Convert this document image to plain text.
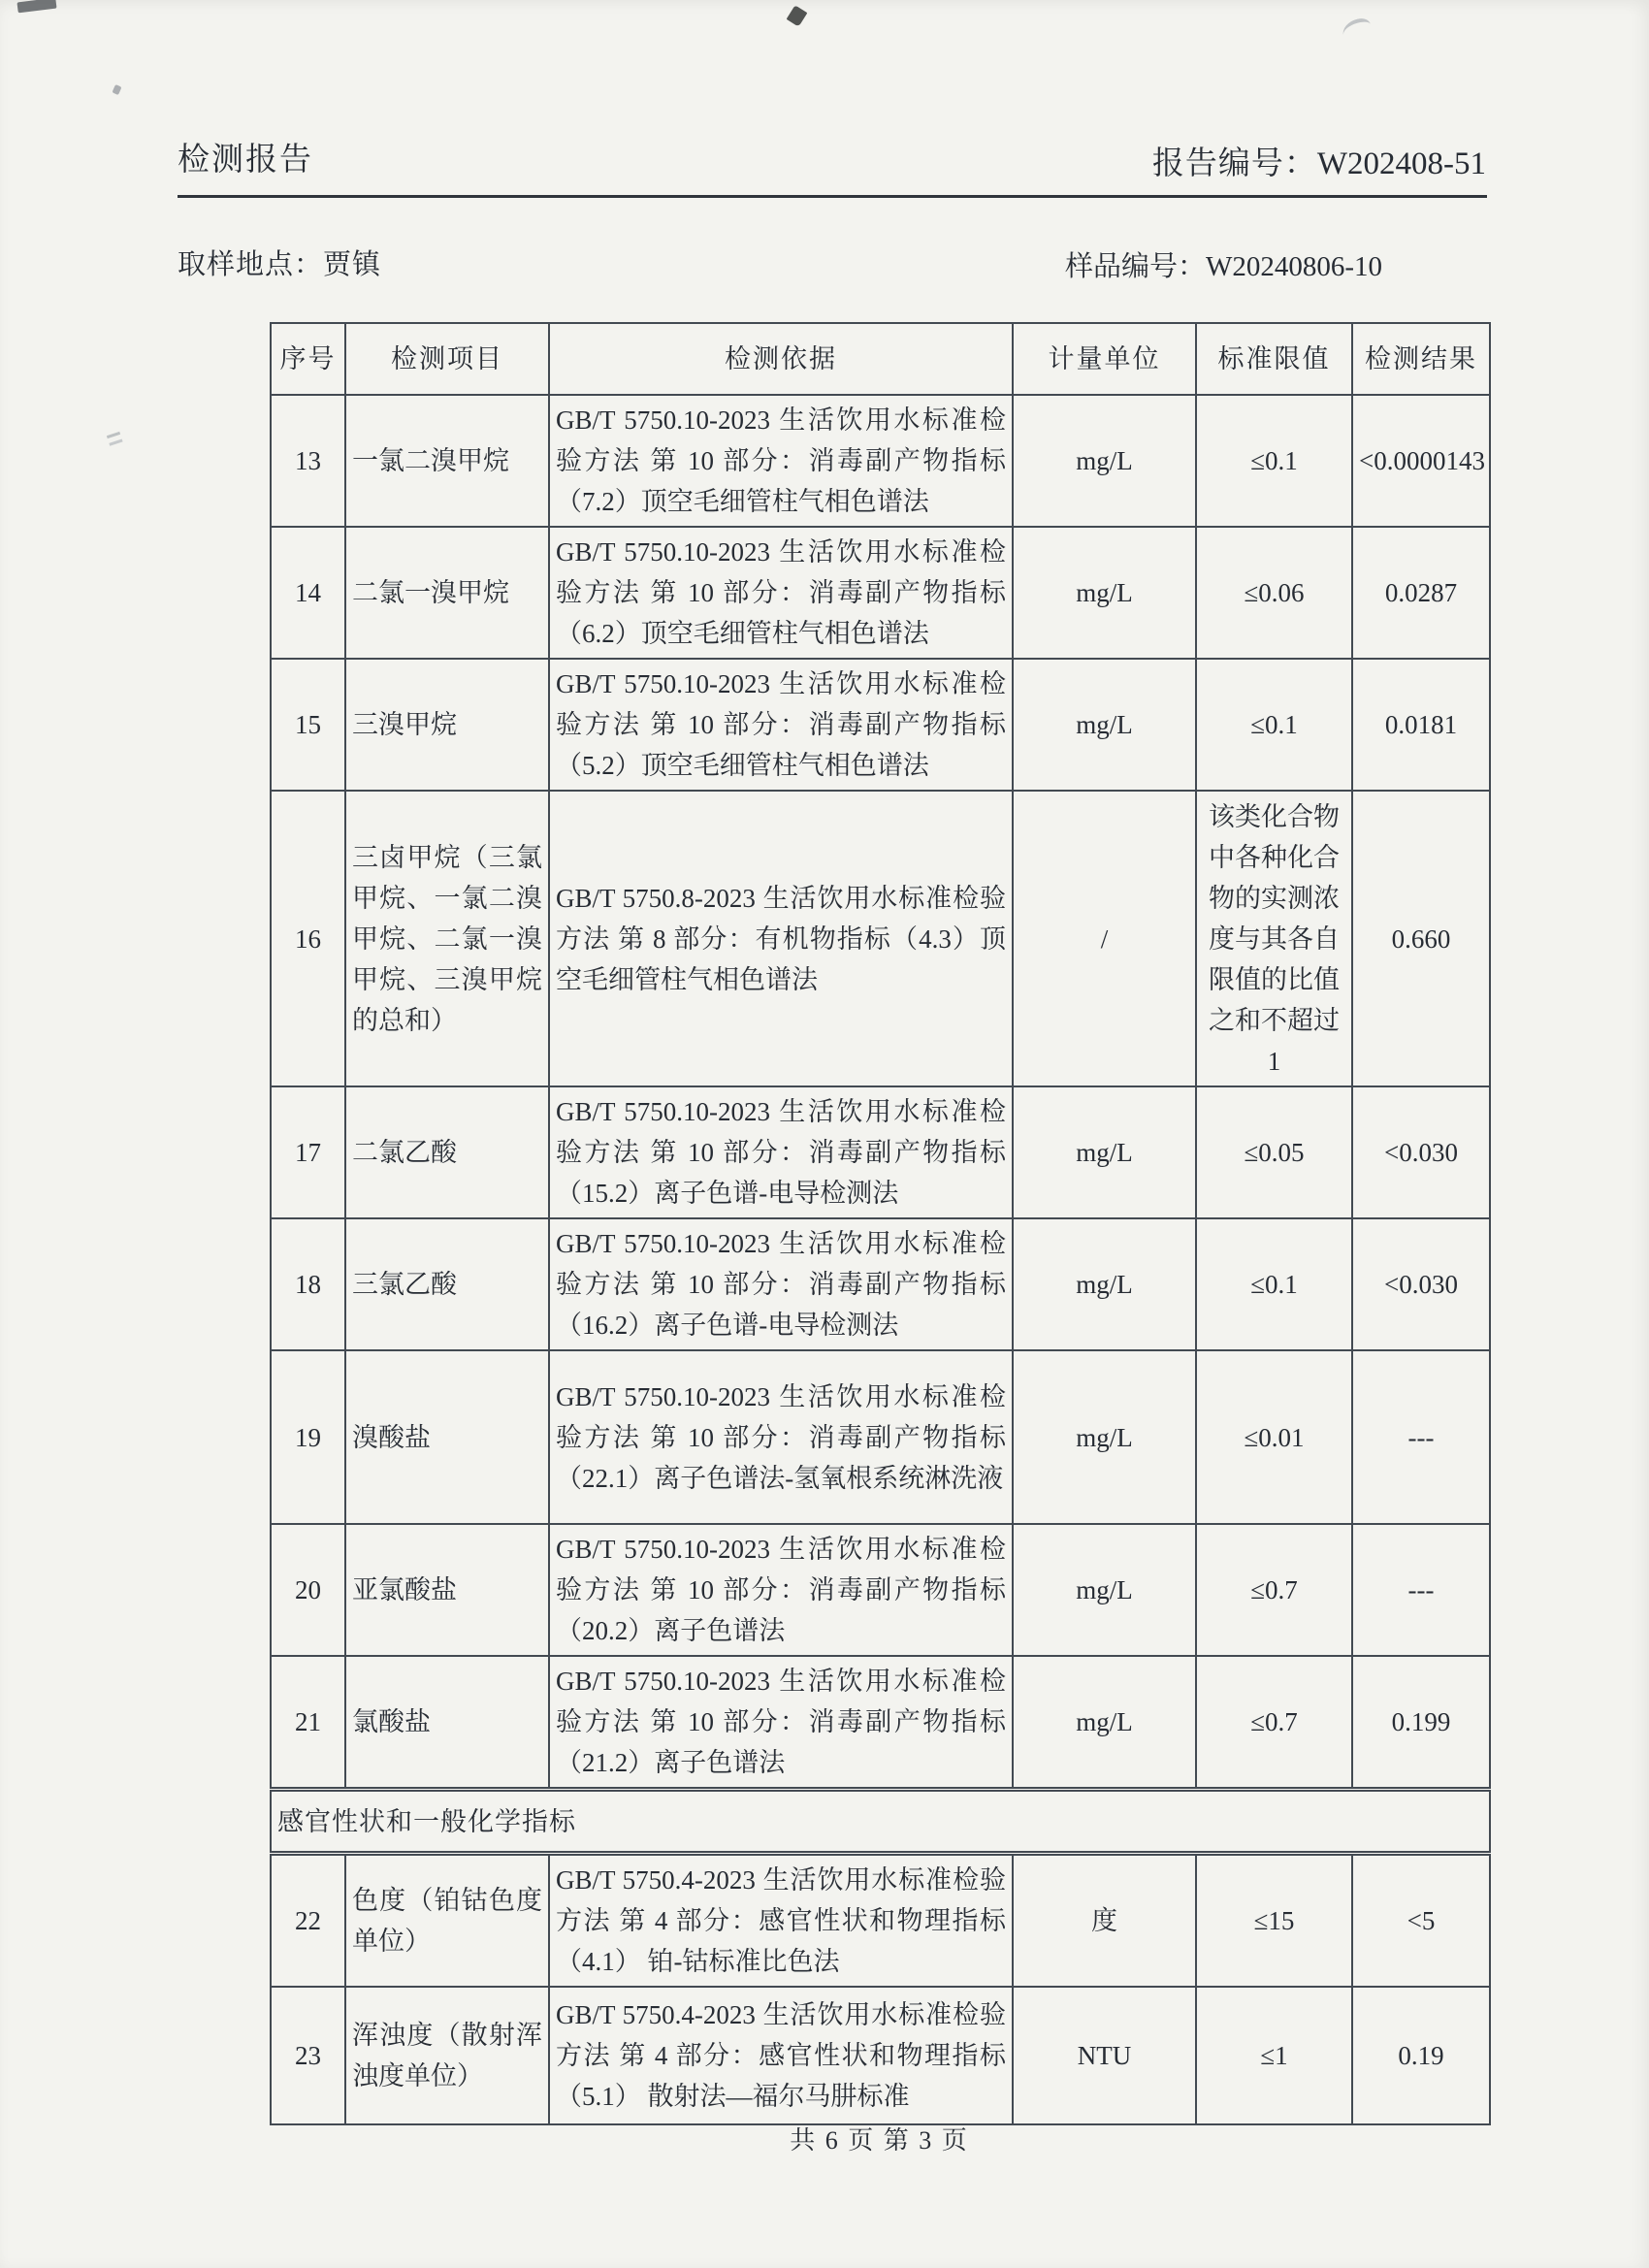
检测报告	报告编号：W202408-51
取样地点：贾镇	样品编号：W20240806-10
序号	检测项目	检测依据	计量单位	标准限值	检测结果
13	一氯二溴甲烷	GB/T 5750.10-2023 生活饮用水标准检验方法 第 10 部分：消毒副产物指标（7.2）顶空毛细管柱气相色谱法	mg/L	≤0.1	<0.0000143
14	二氯一溴甲烷	GB/T 5750.10-2023 生活饮用水标准检验方法 第 10 部分：消毒副产物指标（6.2）顶空毛细管柱气相色谱法	mg/L	≤0.06	0.0287
15	三溴甲烷	GB/T 5750.10-2023 生活饮用水标准检验方法 第 10 部分：消毒副产物指标（5.2）顶空毛细管柱气相色谱法	mg/L	≤0.1	0.0181
16	三卤甲烷（三氯甲烷、一氯二溴甲烷、二氯一溴甲烷、三溴甲烷的总和）	GB/T 5750.8-2023 生活饮用水标准检验方法 第 8 部分：有机物指标（4.3）顶空毛细管柱气相色谱法	/	该类化合物中各种化合物的实测浓度与其各自限值的比值之和不超过1	0.660
17	二氯乙酸	GB/T 5750.10-2023 生活饮用水标准检验方法 第 10 部分：消毒副产物指标（15.2）离子色谱-电导检测法	mg/L	≤0.05	<0.030
18	三氯乙酸	GB/T 5750.10-2023 生活饮用水标准检验方法 第 10 部分：消毒副产物指标（16.2）离子色谱-电导检测法	mg/L	≤0.1	<0.030
19	溴酸盐	GB/T 5750.10-2023 生活饮用水标准检验方法 第 10 部分：消毒副产物指标（22.1）离子色谱法-氢氧根系统淋洗液	mg/L	≤0.01	---
20	亚氯酸盐	GB/T 5750.10-2023 生活饮用水标准检验方法 第 10 部分：消毒副产物指标（20.2）离子色谱法	mg/L	≤0.7	---
21	氯酸盐	GB/T 5750.10-2023 生活饮用水标准检验方法 第 10 部分：消毒副产物指标（21.2）离子色谱法	mg/L	≤0.7	0.199
感官性状和一般化学指标					
22	色度（铂钴色度单位）	GB/T 5750.4-2023 生活饮用水标准检验方法 第 4 部分：感官性状和物理指标（4.1） 铂-钴标准比色法	度	≤15	<5
23	浑浊度（散射浑浊度单位）	GB/T 5750.4-2023 生活饮用水标准检验方法 第 4 部分：感官性状和物理指标（5.1） 散射法—福尔马肼标准	NTU	≤1	0.19
共 6 页 第 3 页
